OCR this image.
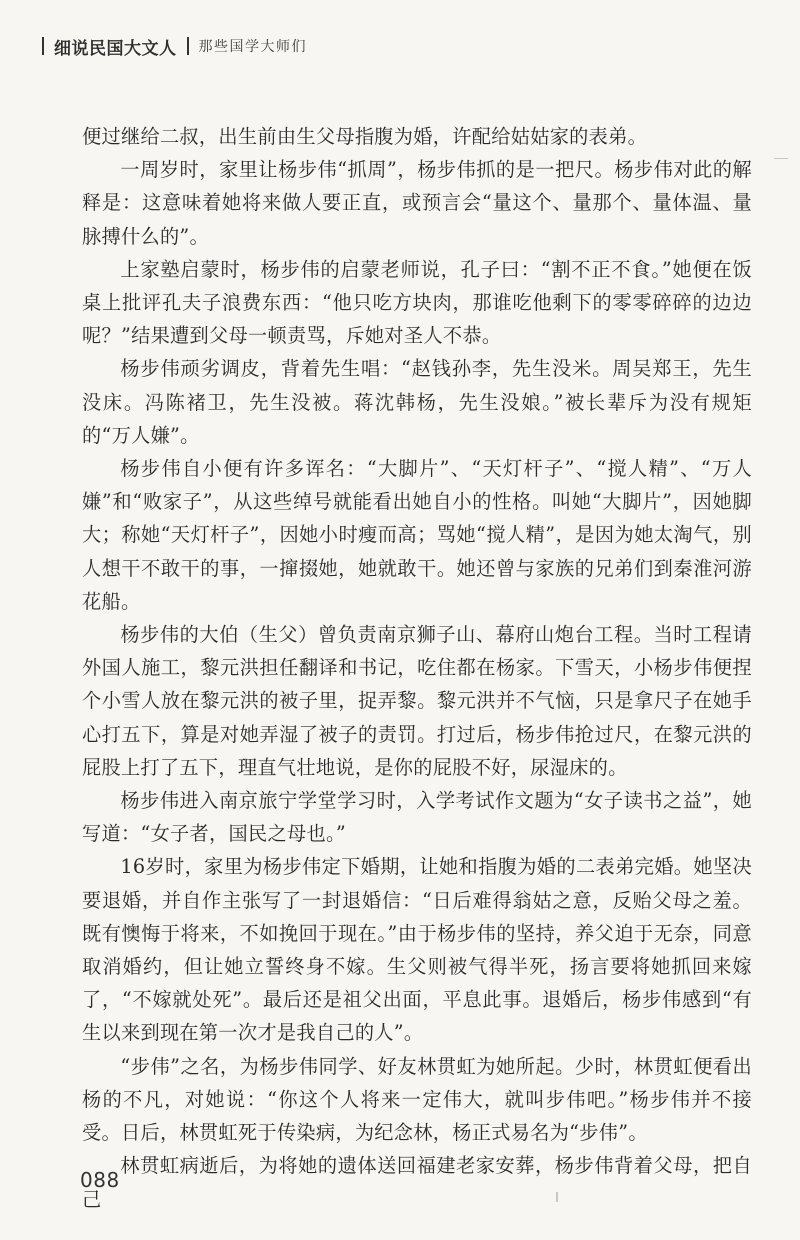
细说民国大文人 那些国学大师们

便过继给二叔，出生前由生父母指腹为婚，许配给姑姑家的表弟。

一周岁时，家里让杨步伟“抓周”，杨步伟抓的是一把尺。杨步伟对此的解释是：这意味着她将来做人要正直，或预言会“量这个、量那个、量体温、量脉搏什么的”。

上家塾启蒙时，杨步伟的启蒙老师说，孔子曰：“割不正不食。”她便在饭桌上批评孔夫子浪费东西：“他只吃方块肉，那谁吃他剩下的零零碎碎的边边呢？”结果遭到父母一顿责骂，斥她对圣人不恭。

杨步伟顽劣调皮，背着先生唱：“赵钱孙李，先生没米。周吴郑王，先生没床。冯陈褚卫，先生没被。蒋沈韩杨，先生没娘。”被长辈斥为没有规矩的“万人嫌”。

杨步伟自小便有许多诨名：“大脚片”、“天灯杆子”、“搅人精”、“万人嫌”和“败家子”，从这些绰号就能看出她自小的性格。叫她“大脚片”，因她脚大；称她“天灯杆子”，因她小时瘦而高；骂她“搅人精”，是因为她太淘气，别人想干不敢干的事，一撺掇她，她就敢干。她还曾与家族的兄弟们到秦淮河游花船。

杨步伟的大伯（生父）曾负责南京狮子山、幕府山炮台工程。当时工程请外国人施工，黎元洪担任翻译和书记，吃住都在杨家。下雪天，小杨步伟便捏个小雪人放在黎元洪的被子里，捉弄黎。黎元洪并不气恼，只是拿尺子在她手心打五下，算是对她弄湿了被子的责罚。打过后，杨步伟抢过尺，在黎元洪的屁股上打了五下，理直气壮地说，是你的屁股不好，尿湿床的。

杨步伟进入南京旅宁学堂学习时，入学考试作文题为“女子读书之益”，她写道：“女子者，国民之母也。”

16岁时，家里为杨步伟定下婚期，让她和指腹为婚的二表弟完婚。她坚决要退婚，并自作主张写了一封退婚信：“日后难得翁姑之意，反贻父母之羞。既有懊悔于将来，不如挽回于现在。”由于杨步伟的坚持，养父迫于无奈，同意取消婚约，但让她立誓终身不嫁。生父则被气得半死，扬言要将她抓回来嫁了，“不嫁就处死”。最后还是祖父出面，平息此事。退婚后，杨步伟感到“有生以来到现在第一次才是我自己的人”。

“步伟”之名，为杨步伟同学、好友林贯虹为她所起。少时，林贯虹便看出杨的不凡，对她说：“你这个人将来一定伟大，就叫步伟吧。”杨步伟并不接受。日后，林贯虹死于传染病，为纪念林，杨正式易名为“步伟”。

林贯虹病逝后，为将她的遗体送回福建老家安葬，杨步伟背着父母，把自己

088
